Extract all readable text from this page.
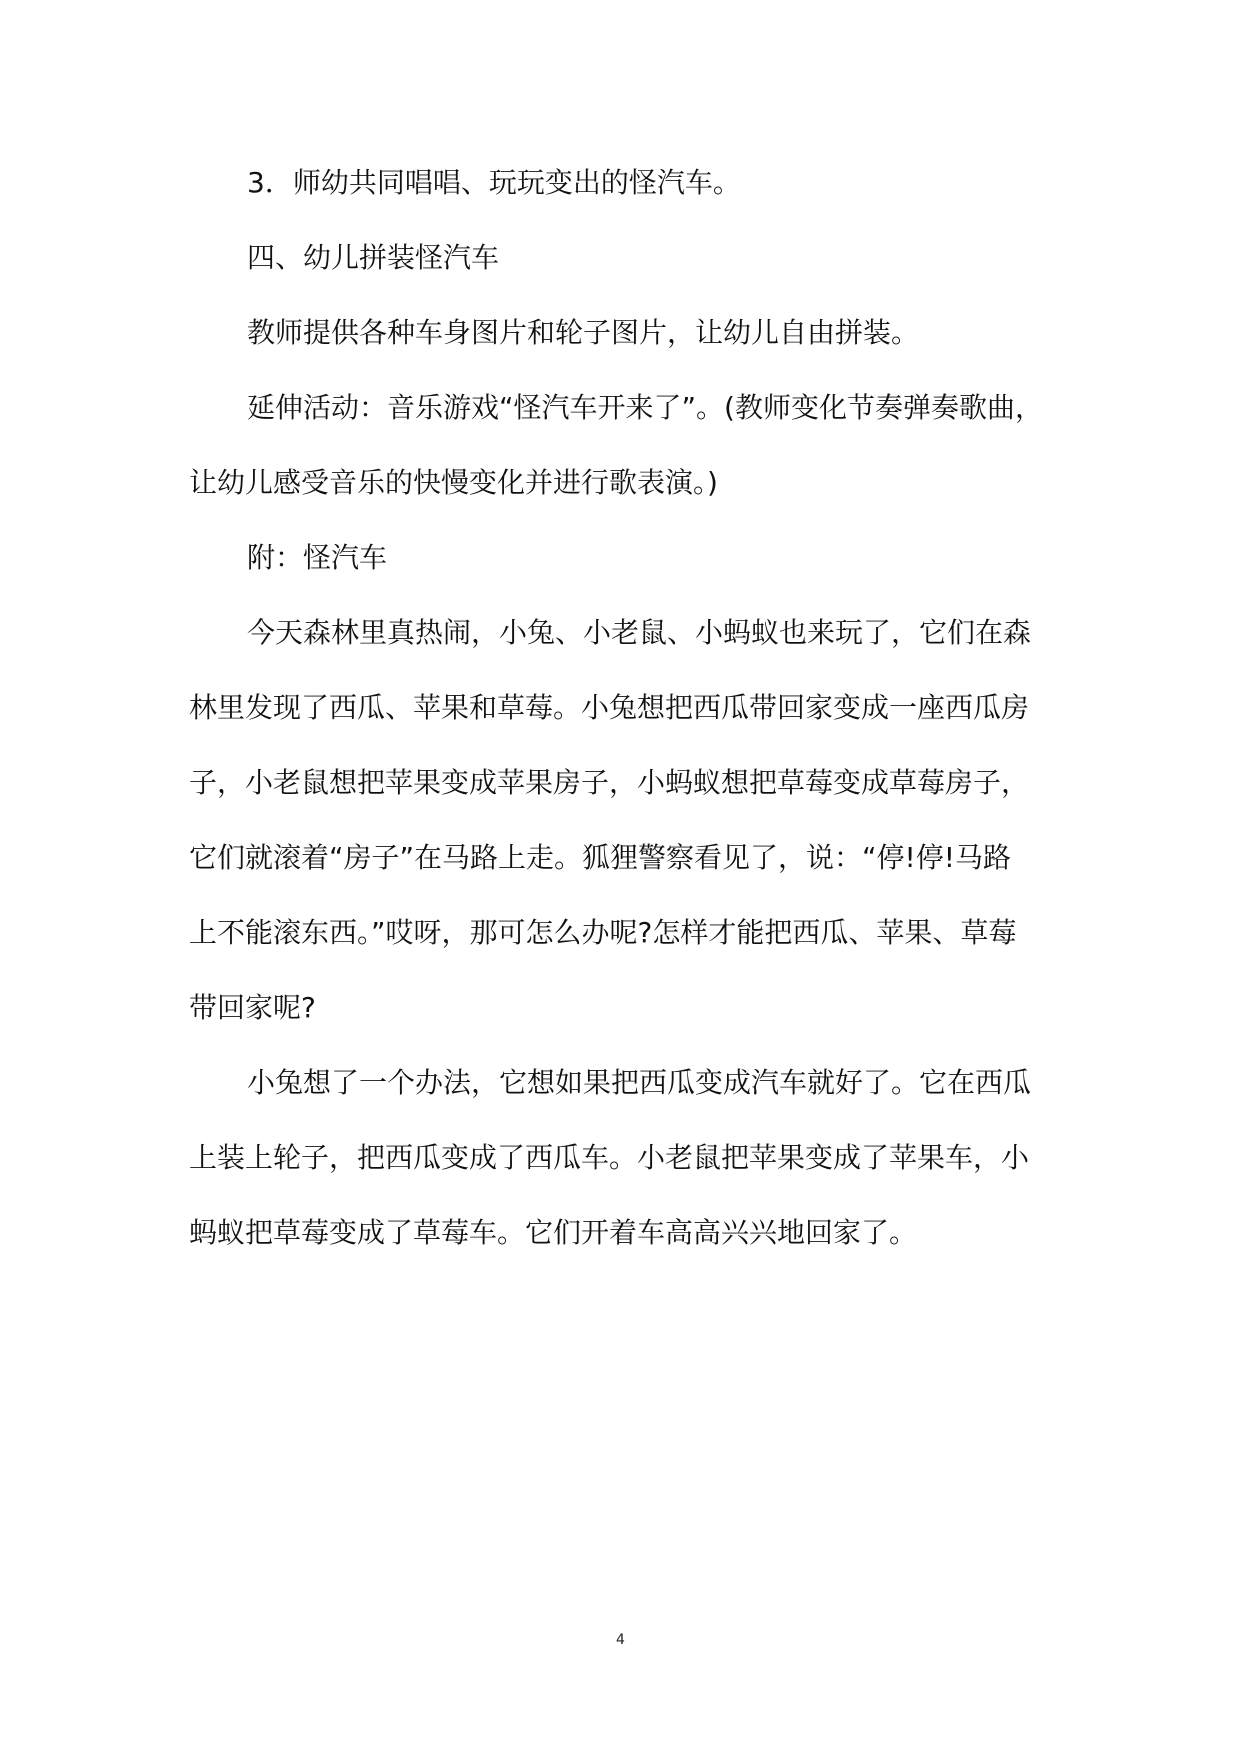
3．师幼共同唱唱、玩玩变出的怪汽车。

四、幼儿拼装怪汽车

教师提供各种车身图片和轮子图片，让幼儿自由拼装。

延伸活动：音乐游戏“怪汽车开来了”。(教师变化节奏弹奏歌曲，
让幼儿感受音乐的快慢变化并进行歌表演。)

附：怪汽车

今天森林里真热闹，小兔、小老鼠、小蚂蚁也来玩了，它们在森
林里发现了西瓜、苹果和草莓。小兔想把西瓜带回家变成一座西瓜房
子，小老鼠想把苹果变成苹果房子，小蚂蚁想把草莓变成草莓房子，
它们就滚着“房子”在马路上走。狐狸警察看见了，说：“停!停!马路
上不能滚东西。”哎呀，那可怎么办呢?怎样才能把西瓜、苹果、草莓
带回家呢?

小兔想了一个办法，它想如果把西瓜变成汽车就好了。它在西瓜
上装上轮子，把西瓜变成了西瓜车。小老鼠把苹果变成了苹果车，小
蚂蚁把草莓变成了草莓车。它们开着车高高兴兴地回家了。

4
